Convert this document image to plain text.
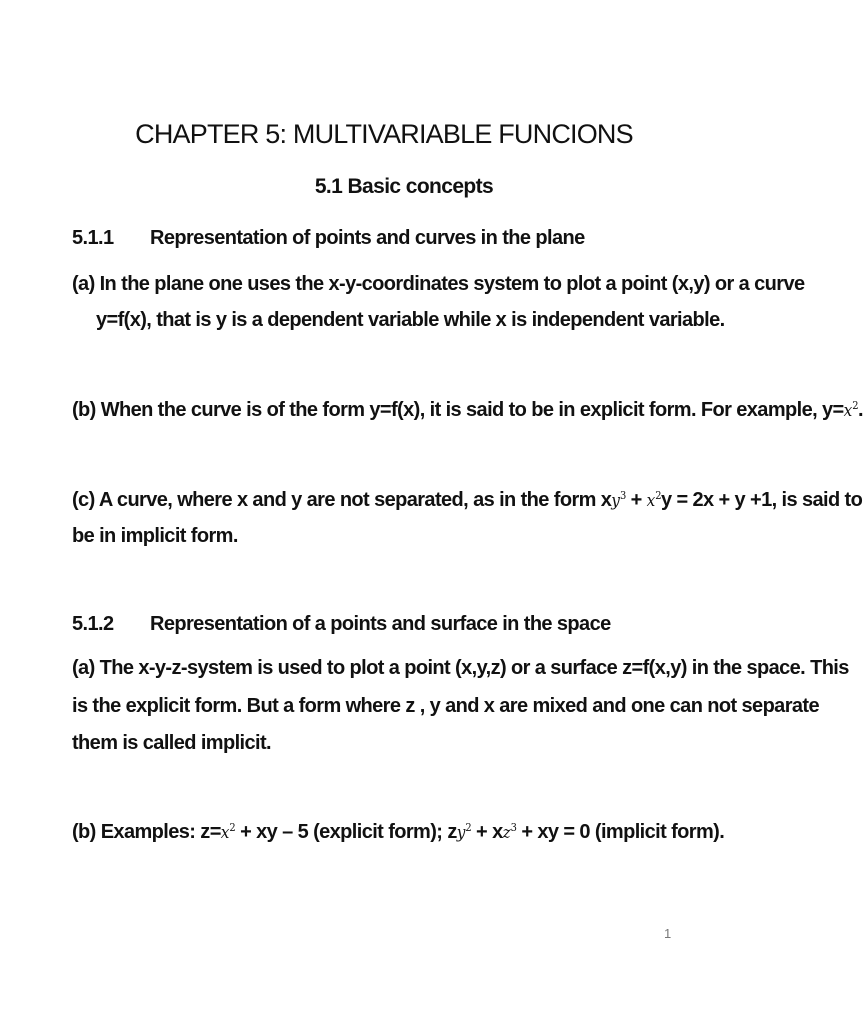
CHAPTER 5: MULTIVARIABLE FUNCIONS
5.1 Basic concepts
5.1.1 Representation of points and curves in the plane
(a) In the plane one uses the x-y-coordinates system to plot a point (x,y) or a curve
y=f(x), that is y is a dependent variable while x is independent variable.
(b) When the curve is of the form y=f(x), it is said to be in explicit form. For example, $y=x^2$.
(c) A curve, where x and y are not separated, as in the form $xy^3 + x^2y = 2x + y +1$, is said to
be in implicit form.
5.1.2 Representation of a points and surface in the space
(a) The x-y-z-system is used to plot a point (x,y,z) or a surface z=f(x,y) in the space. This
is the explicit form. But a form where z , y and x are mixed and one can not separate
them is called implicit.
(b) Examples: $z=x^2$ + xy – 5 (explicit form); $zy^2 + xz^3$ + xy = 0 (implicit form).
1
